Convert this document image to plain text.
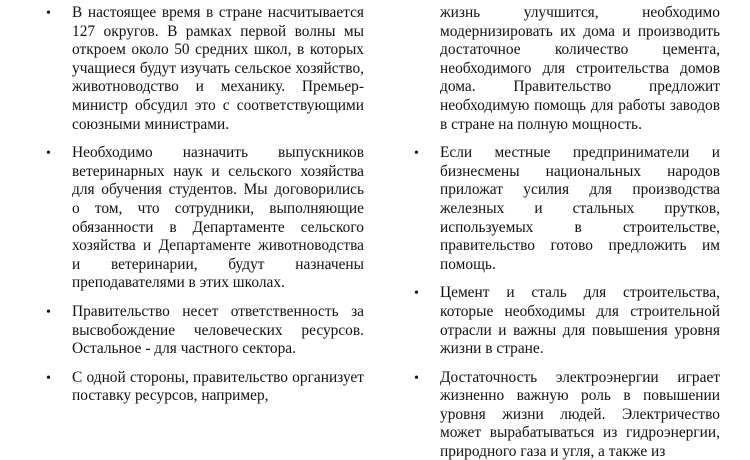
• В настоящее время в стране насчитывается 127 округов. В рамках первой волны мы откроем около 50 средних школ, в которых учащиеся будут изучать сельское хозяйство, животноводство и механику. Премьер-министр обсудил это с соответствующими союзными министрами.
• Необходимо назначить выпускников ветеринарных наук и сельского хозяйства для обучения студентов. Мы договорились о том, что сотрудники, выполняющие обязанности в Департаменте сельского хозяйства и Департаменте животноводства и ветеринарии, будут назначены преподавателями в этих школах.
• Правительство несет ответственность за высвобождение человеческих ресурсов. Остальное - для частного сектора.
• С одной стороны, правительство организует поставку ресурсов, например,
жизнь улучшится, необходимо модернизировать их дома и производить достаточное количество цемента, необходимого для строительства домов дома. Правительство предложит необходимую помощь для работы заводов в стране на полную мощность.
• Если местные предприниматели и бизнесмены национальных народов приложат усилия для производства железных и стальных прутков, используемых в строительстве, правительство готово предложить им помощь.
• Цемент и сталь для строительства, которые необходимы для строительной отрасли и важны для повышения уровня жизни в стране.
• Достаточность электроэнергии играет жизненно важную роль в повышении уровня жизни людей. Электричество может вырабатываться из гидроэнергии, природного газа и угля, а также из
